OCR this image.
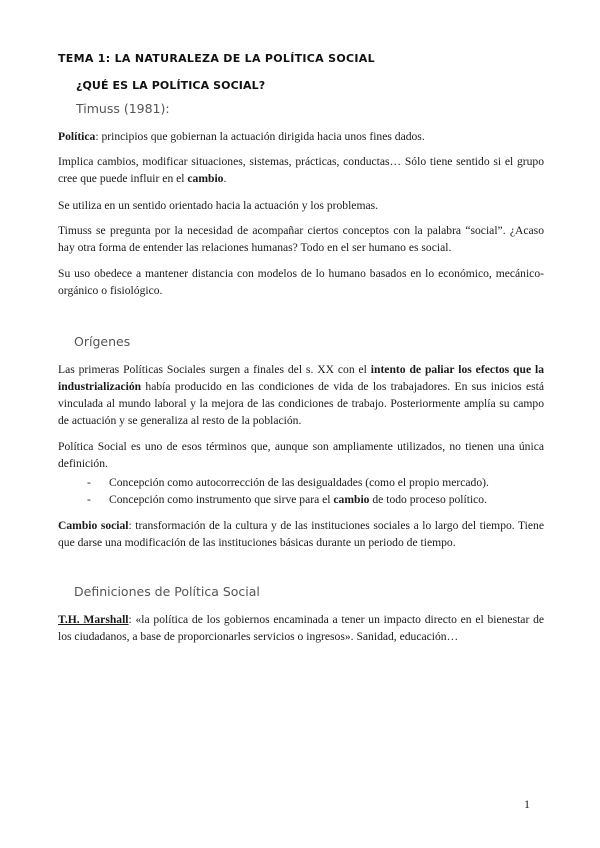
TEMA 1: LA NATURALEZA DE LA POLÍTICA SOCIAL
¿QUÉ ES LA POLÍTICA SOCIAL?
Timuss (1981):
Política: principios que gobiernan la actuación dirigida hacia unos fines dados.
Implica cambios, modificar situaciones, sistemas, prácticas, conductas… Sólo tiene sentido si el grupo cree que puede influir en el cambio.
Se utiliza en un sentido orientado hacia la actuación y los problemas.
Timuss se pregunta por la necesidad de acompañar ciertos conceptos con la palabra “social”. ¿Acaso hay otra forma de entender las relaciones humanas? Todo en el ser humano es social.
Su uso obedece a mantener distancia con modelos de lo humano basados en lo económico, mecánico-orgánico o fisiológico.
Orígenes
Las primeras Políticas Sociales surgen a finales del s. XX con el intento de paliar los efectos que la industrialización había producido en las condiciones de vida de los trabajadores. En sus inicios está vinculada al mundo laboral y la mejora de las condiciones de trabajo. Posteriormente amplía su campo de actuación y se generaliza al resto de la población.
Política Social es uno de esos términos que, aunque son ampliamente utilizados, no tienen una única definición.
- Concepción como autocorrección de las desigualdades (como el propio mercado).
- Concepción como instrumento que sirve para el cambio de todo proceso político.
Cambio social: transformación de la cultura y de las instituciones sociales a lo largo del tiempo. Tiene que darse una modificación de las instituciones básicas durante un periodo de tiempo.
Definiciones de Política Social
T.H. Marshall: «la política de los gobiernos encaminada a tener un impacto directo en el bienestar de los ciudadanos, a base de proporcionarles servicios o ingresos». Sanidad, educación…
1
